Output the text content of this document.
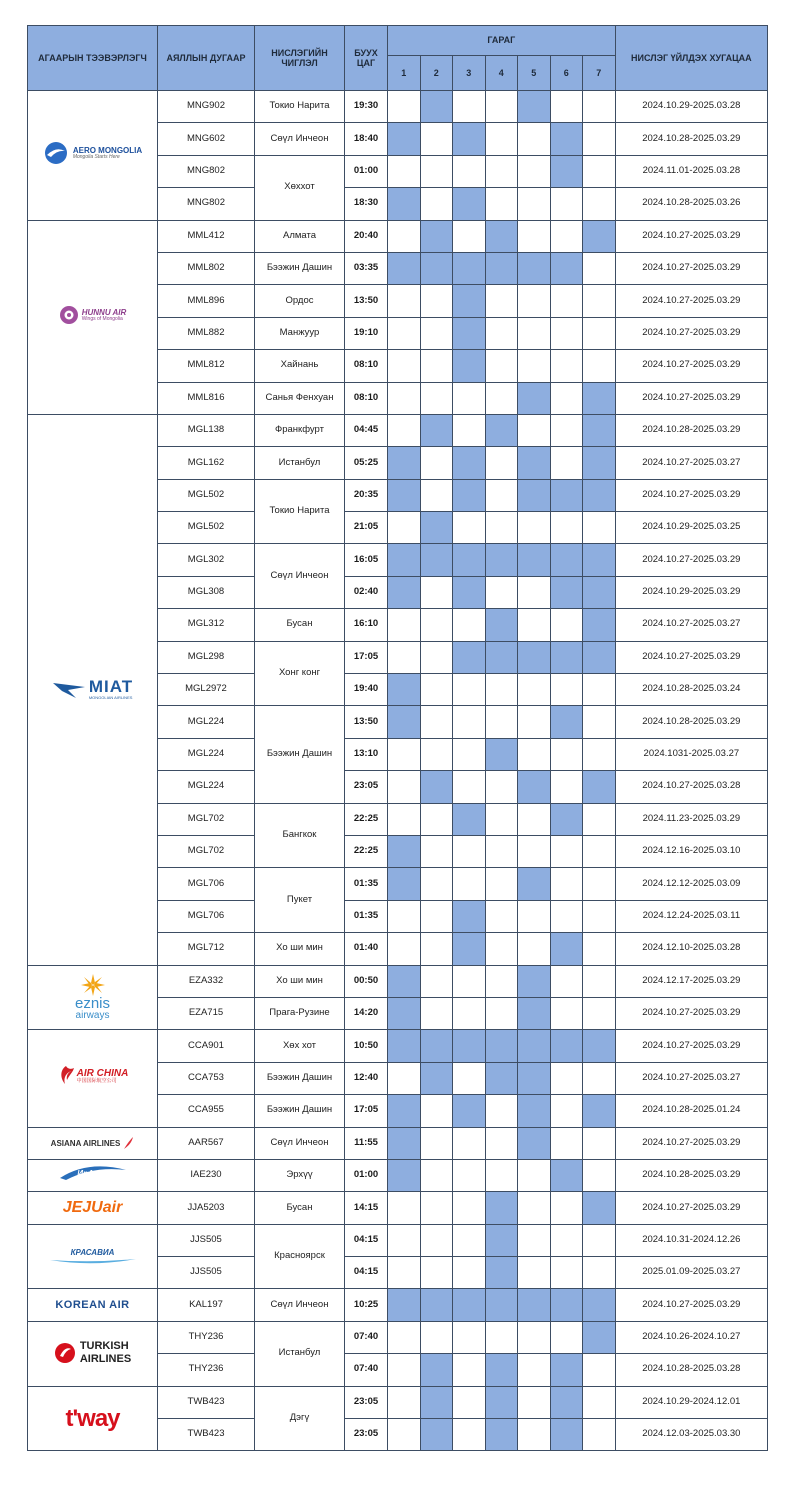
АГААРЫН ТЭЭВЭРЛЭГЧ	АЯЛЛЫН ДУГААР	НИСЛЭГИЙН ЧИГЛЭЛ	БУУХ ЦАГ	ГАРАГ							НИСЛЭГ ҮЙЛДЭХ ХУГАЦАА
				1	2	3	4	5	6	7	

AERO MONGOLIA
Mongolia Starts Here	MNG902	Токио Нарита	19:30								2024.10.29-2025.03.28
	MNG602	Сөүл Инчеон	18:40								2024.10.28-2025.03.29
	MNG802	Хөххот	01:00								2024.11.01-2025.03.28
	MNG802		18:30								2024.10.28-2025.03.26

HUNNU AIR
Wings of Mongolia	MML412	Алмата	20:40								2024.10.27-2025.03.29
	MML802	Бээжин Дашин	03:35								2024.10.27-2025.03.29
	MML896	Ордос	13:50								2024.10.27-2025.03.29
	MML882	Манжуур	19:10								2024.10.27-2025.03.29
	MML812	Хайнань	08:10								2024.10.27-2025.03.29
	MML816	Санья Фенхуан	08:10								2024.10.27-2025.03.29

MIAT
MONGOLIAN AIRLINES	MGL138	Франкфурт	04:45								2024.10.28-2025.03.29
	MGL162	Истанбул	05:25								2024.10.27-2025.03.27
	MGL502	Токио Нарита	20:35								2024.10.27-2025.03.29
	MGL502		21:05								2024.10.29-2025.03.25
	MGL302	Сөүл Инчеон	16:05								2024.10.27-2025.03.29
	MGL308		02:40								2024.10.29-2025.03.29
	MGL312	Бусан	16:10								2024.10.27-2025.03.27
	MGL298	Хонг конг	17:05								2024.10.27-2025.03.29
	MGL2972		19:40								2024.10.28-2025.03.24
	MGL224	Бээжин Дашин	13:50								2024.10.28-2025.03.29
	MGL224		13:10								2024.1031-2025.03.27
	MGL224		23:05								2024.10.27-2025.03.28
	MGL702	Бангкок	22:25								2024.11.23-2025.03.29
	MGL702		22:25								2024.12.16-2025.03.10
	MGL706	Пукет	01:35								2024.12.12-2025.03.09
	MGL706		01:35								2024.12.24-2025.03.11
	MGL712	Хо ши мин	01:40								2024.12.10-2025.03.28

eznis
airways	EZA332	Хо ши мин	00:50								2024.12.17-2025.03.29
	EZA715	Прага-Рузине	14:20								2024.10.27-2025.03.29

AIR CHINA
中国国际航空公司	CCA901	Хөх хот	10:50								2024.10.27-2025.03.29
	CCA753	Бээжин Дашин	12:40								2024.10.27-2025.03.27
	CCA955	Бээжин Дашин	17:05								2024.10.28-2025.01.24

ASIANA AIRLINES	AAR567	Сөүл Инчеон	11:55								2024.10.27-2025.03.29

ИрАэро	IAE230	Эрхүү	01:00								2024.10.28-2025.03.29

JEJUair	JJA5203	Бусан	14:15								2024.10.27-2025.03.29

КРАСАВИА	JJS505	Красноярск	04:15								2024.10.31-2024.12.26
	JJS505		04:15								2025.01.09-2025.03.27

KOREAN AIR	KAL197	Сөүл Инчеон	10:25								2024.10.27-2025.03.29

TURKISH
AIRLINES	THY236	Истанбул	07:40								2024.10.26-2024.10.27
	THY236		07:40								2024.10.28-2025.03.28

t'way	TWB423	Дэгү	23:05								2024.10.29-2024.12.01
	TWB423		23:05								2024.12.03-2025.03.30
